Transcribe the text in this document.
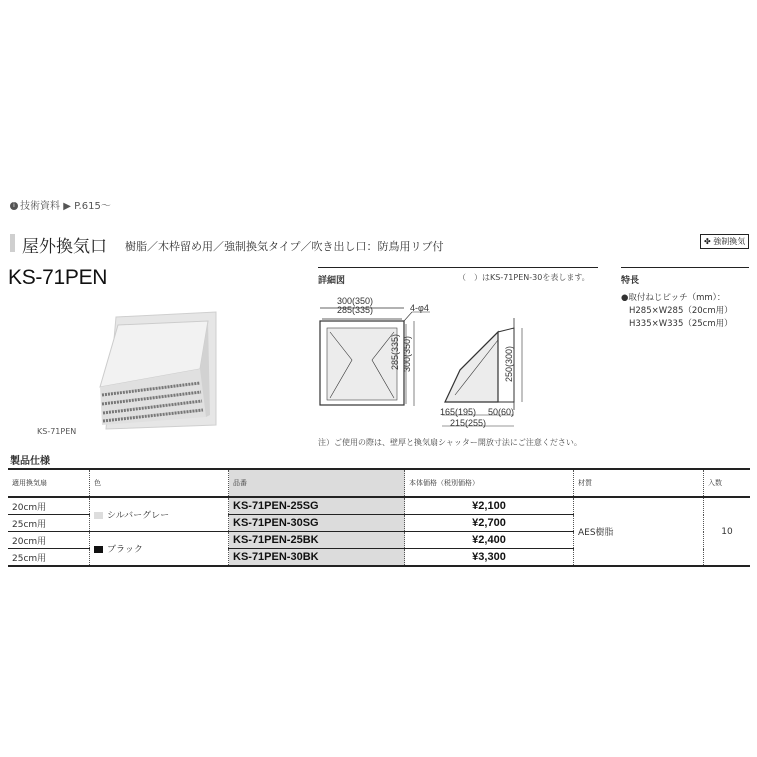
i 技術資料 ▶ P.615～
屋外換気口 樹脂／木枠留め用／強制換気タイプ／吹き出し口：防鳥用リブ付	✤ 強制換気
KS-71PEN
KS-71PEN
詳細図	（　）はKS-71PEN-30を表します。
300(350)
285(335)	4-φ4
285(335) 300(350)	250(300)
165(195) 50(60)
215(255)
注）ご使用の際は、壁厚と換気扇シャッター開放寸法にご注意ください。
特長
●取付ねじピッチ（mm）：
H285×W285（20cm用）
H335×W335（25cm用）
製品仕様
適用換気扇	色	品番	本体価格（税別価格）	材質	入数
20cm用	シルバーグレー	KS-71PEN-25SG	¥2,100	AES樹脂	10
25cm用		KS-71PEN-30SG	¥2,700		
20cm用	ブラック	KS-71PEN-25BK	¥2,400		
25cm用		KS-71PEN-30BK	¥3,300		
